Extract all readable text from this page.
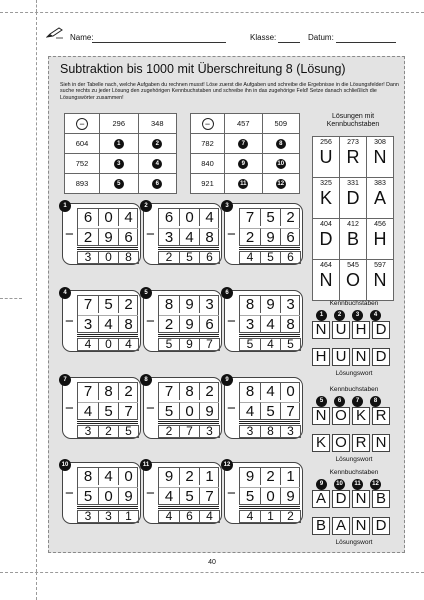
Name:	Klasse:	Datum:
Subtraktion bis 1000 mit Überschreitung 8 (Lösung)
Sieh in der Tabelle nach, welche Aufgaben du rechnen musst! Löse zuerst die Aufgaben und schreibe die Ergebnisse in die Lösungsfelder! Dann suche rechts zu jeder Lösung den zugehörigen Kennbuchstaben und schreibe ihn in das zugehörige Feld! Setze danach schließlich die Lösungswörter zusammen!
−	296	348
604	1	2
752	3	4
893	5	6
−	457	509
782	7	8
840	9	10
921	11	12
1
6 0 4
− 2 9 6
3	0	8
2
6 0 4
− 3 4 8
2	5	6
3
7 5 2
− 2 9 6
4	5	6
4
7 5 2
− 3 4 8
4	0	4
5
8 9 3
− 2 9 6
5	9	7
6
8 9 3
− 3 4 8
5	4	5
7
7 8 2
− 4 5 7
3	2	5
8
7 8 2
− 5 0 9
2	7	3
9
8 4 0
− 4 5 7
3	8	3
10
8 4 0
− 5 0 9
3	3	1
11
9 2 1
− 4 5 7
4	6	4
12
9 2 1
− 5 0 9
4	1	2
Lösungen mit Kennbuchstaben
256
U	273
R	308
N

325
K	331
D	383
A

404
D	412
B	456
H

464
N	545
O	597
N
Kennbuchstaben
1	2	3	4
N U H D
H U N D
Lösungswort
Kennbuchstaben
5	6	7	8
N O K R
K O R N
Lösungswort
Kennbuchstaben
9	10	11	12
A D N B
B A N D
Lösungswort
40
